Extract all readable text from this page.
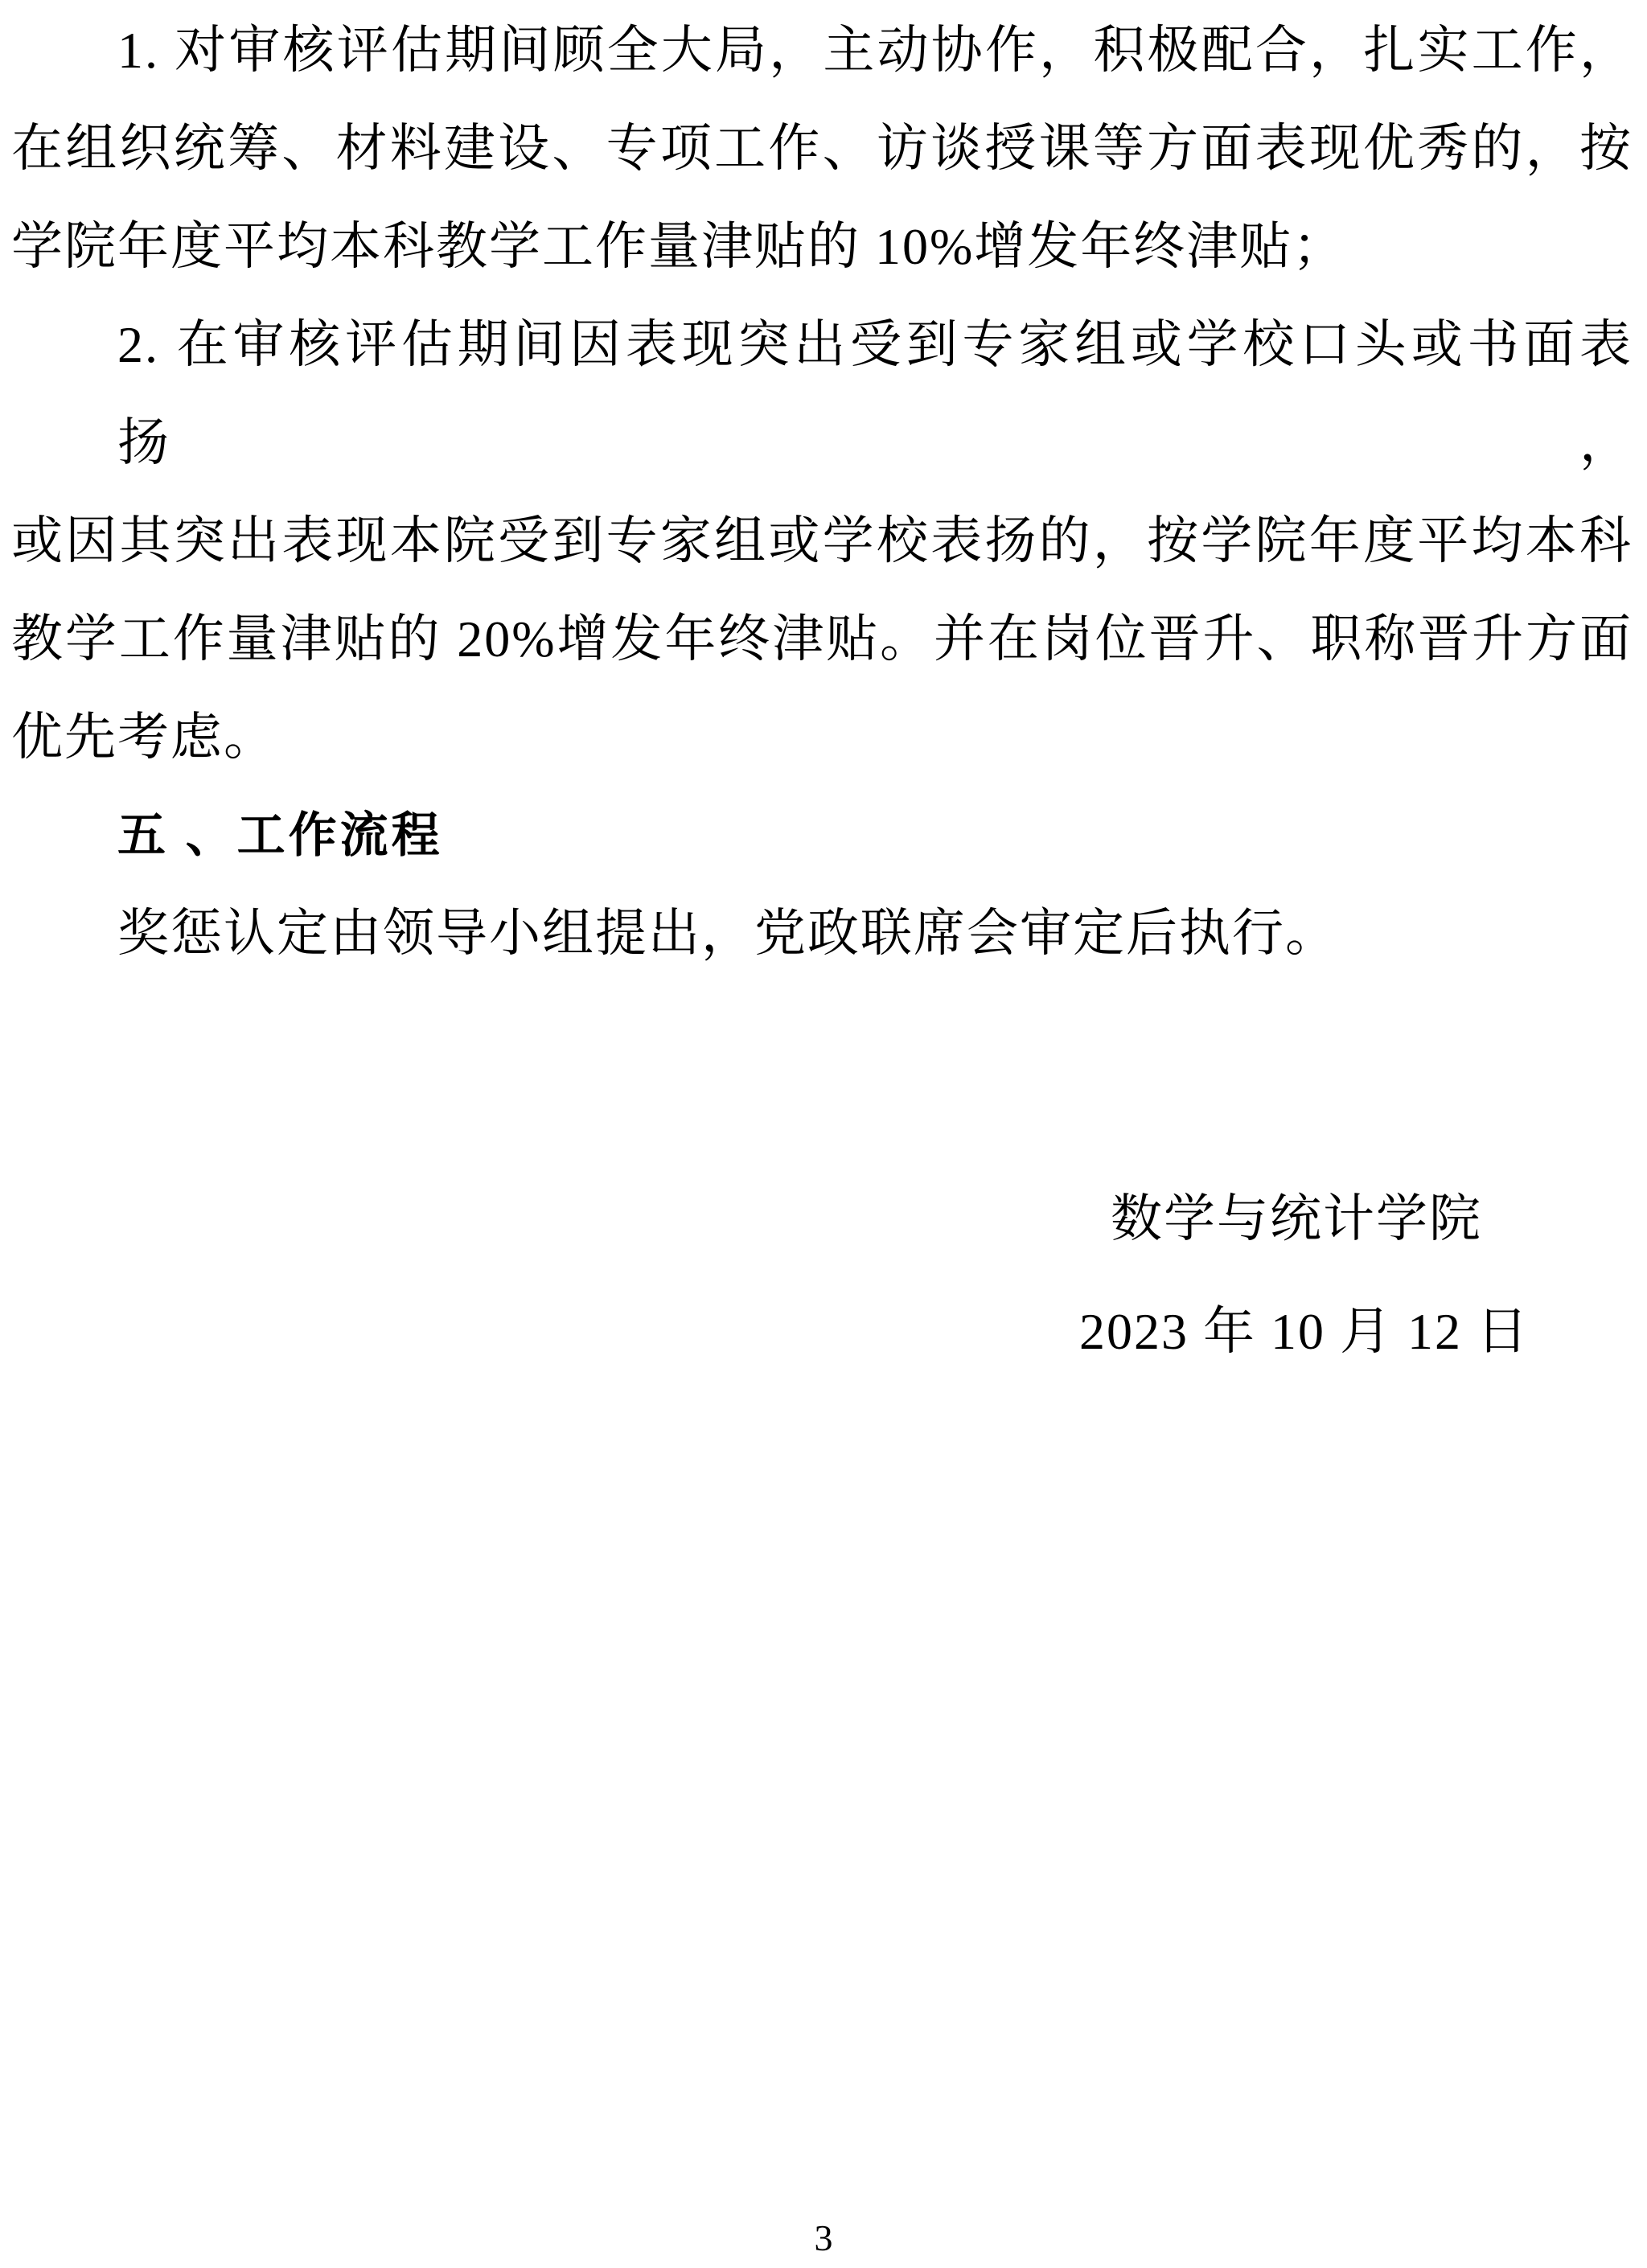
1. 对审核评估期间顾全大局，主动协作，积极配合，扎实工作，
在组织统筹、材料建设、专项工作、访谈授课等方面表现优秀的，按
学院年度平均本科教学工作量津贴的 10%增发年终津贴；
2. 在审核评估期间因表现突出受到专家组或学校口头或书面表扬，
或因其突出表现本院受到专家组或学校表扬的，按学院年度平均本科
教学工作量津贴的 20%增发年终津贴。并在岗位晋升、职称晋升方面
优先考虑。
五 、工作流程
奖惩认定由领导小组提出，党政联席会审定后执行。
数学与统计学院
2023 年 10 月 12 日
3
